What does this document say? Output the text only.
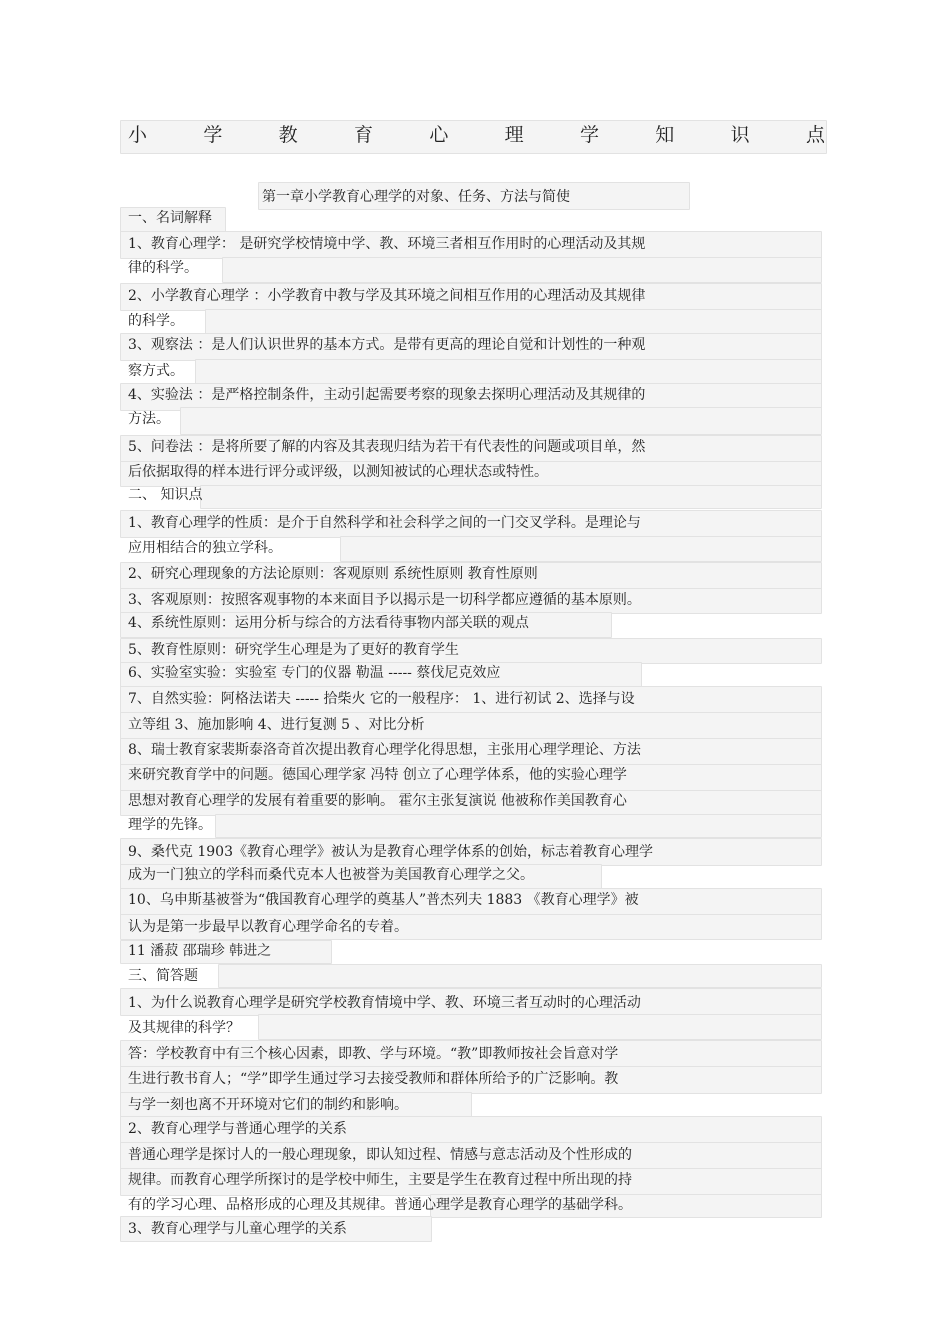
小	学	教	育	心	理	学	知	识	点
第一章小学教育心理学的对象、任务、方法与简使
一、名词解释
1、教育心理学： 是研究学校情境中学、教、环境三者相互作用时的心理活动及其规
律的科学。
2、小学教育心理学 ：小学教育中教与学及其环境之间相互作用的心理活动及其规律
的科学。
3、观察法 ：是人们认识世界的基本方式。是带有更高的理论自觉和计划性的一种观
察方式。
4、实验法 ：是严格控制条件，主动引起需要考察的现象去探明心理活动及其规律的
方法。
5、问卷法 ：是将所要了解的内容及其表现归结为若干有代表性的问题或项目单，然
后依据取得的样本进行评分或评级，以测知被试的心理状态或特性。
二、 知识点
1、教育心理学的性质：是介于自然科学和社会科学之间的一门交叉学科。是理论与
应用相结合的独立学科。
2、研究心理现象的方法论原则：客观原则 系统性原则 教育性原则
3、客观原则：按照客观事物的本来面目予以揭示是一切科学都应遵循的基本原则。
4、系统性原则：运用分析与综合的方法看待事物内部关联的观点
5、教育性原则：研究学生心理是为了更好的教育学生
6、实验室实验：实验室 专门的仪器 勒温 ----- 蔡伐尼克效应
7、自然实验：阿格法诺夫 ----- 拾柴火 它的一般程序： 1、进行初试 2、选择与设
立等组 3、施加影响 4、进行复测 5 、对比分析
8、瑞士教育家裴斯泰洛奇首次提出教育心理学化得思想，主张用心理学理论、方法
来研究教育学中的问题。德国心理学家 冯特 创立了心理学体系，他的实验心理学
思想对教育心理学的发展有着重要的影响。 霍尔主张复演说 他被称作美国教育心
理学的先锋。
9、桑代克 1903《教育心理学》被认为是教育心理学体系的创始，标志着教育心理学
成为一门独立的学科而桑代克本人也被誉为美国教育心理学之父。
10、乌申斯基被誉为“俄国教育心理学的奠基人”普杰列夫 1883 《教育心理学》被
认为是第一步最早以教育心理学命名的专着。
11 潘菽 邵瑞珍 韩进之
三、简答题
1、为什么说教育心理学是研究学校教育情境中学、教、环境三者互动时的心理活动
及其规律的科学？
答：学校教育中有三个核心因素，即教、学与环境。“教”即教师按社会旨意对学
生进行教书育人；“学”即学生通过学习去接受教师和群体所给予的广泛影响。教
与学一刻也离不开环境对它们的制约和影响。
2、教育心理学与普通心理学的关系
普通心理学是探讨人的一般心理现象，即认知过程、情感与意志活动及个性形成的
规律。而教育心理学所探讨的是学校中师生，主要是学生在教育过程中所出现的持
有的学习心理、品格形成的心理及其规律。普通心理学是教育心理学的基础学科。
3、教育心理学与儿童心理学的关系
